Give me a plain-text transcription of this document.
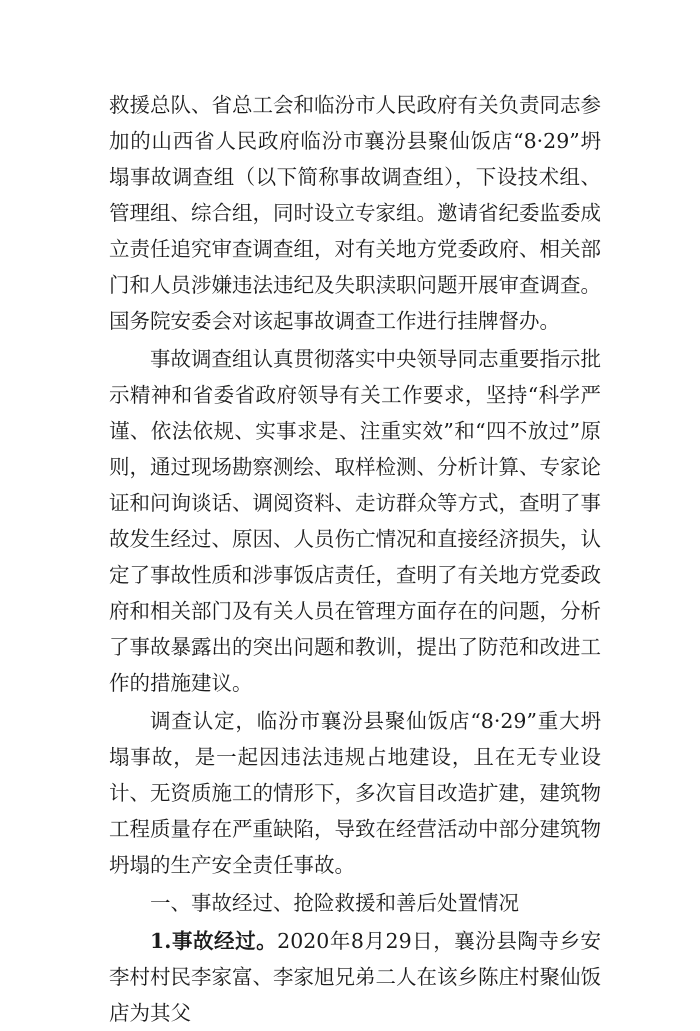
救援总队、省总工会和临汾市人民政府有关负责同志参加的山西省人民政府临汾市襄汾县聚仙饭店“8·29”坍塌事故调查组（以下简称事故调查组），下设技术组、管理组、综合组，同时设立专家组。邀请省纪委监委成立责任追究审查调查组，对有关地方党委政府、相关部门和人员涉嫌违法违纪及失职渎职问题开展审查调查。国务院安委会对该起事故调查工作进行挂牌督办。

事故调查组认真贯彻落实中央领导同志重要指示批示精神和省委省政府领导有关工作要求，坚持“科学严谨、依法依规、实事求是、注重实效”和“四不放过”原则，通过现场勘察测绘、取样检测、分析计算、专家论证和问询谈话、调阅资料、走访群众等方式，查明了事故发生经过、原因、人员伤亡情况和直接经济损失，认定了事故性质和涉事饭店责任，查明了有关地方党委政府和相关部门及有关人员在管理方面存在的问题，分析了事故暴露出的突出问题和教训，提出了防范和改进工作的措施建议。

调查认定，临汾市襄汾县聚仙饭店“8·29”重大坍塌事故，是一起因违法违规占地建设，且在无专业设计、无资质施工的情形下，多次盲目改造扩建，建筑物工程质量存在严重缺陷，导致在经营活动中部分建筑物坍塌的生产安全责任事故。

一、事故经过、抢险救援和善后处置情况

1.事故经过。2020年8月29日，襄汾县陶寺乡安李村村民李家富、李家旭兄弟二人在该乡陈庄村聚仙饭店为其父
